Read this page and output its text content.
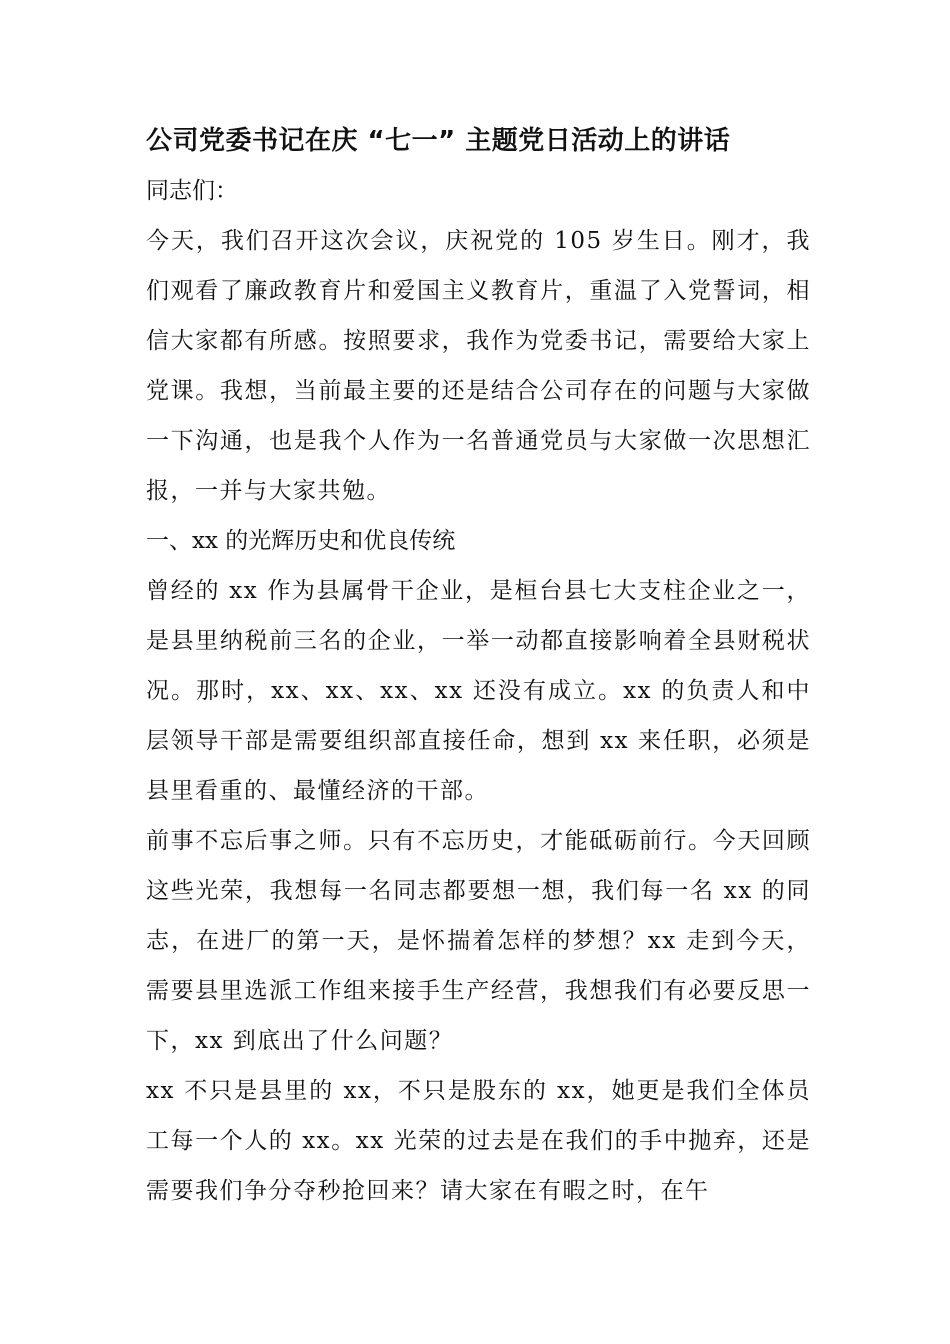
公司党委书记在庆 “七一” 主题党日活动上的讲话

同志们：

今天，我们召开这次会议，庆祝党的 105 岁生日。刚才，我们观看了廉政教育片和爱国主义教育片，重温了入党誓词，相信大家都有所感。按照要求，我作为党委书记，需要给大家上党课。我想，当前最主要的还是结合公司存在的问题与大家做一下沟通，也是我个人作为一名普通党员与大家做一次思想汇报，一并与大家共勉。

一、xx 的光辉历史和优良传统

曾经的 xx 作为县属骨干企业，是桓台县七大支柱企业之一，是县里纳税前三名的企业，一举一动都直接影响着全县财税状况。那时，xx、xx、xx、xx 还没有成立。xx 的负责人和中层领导干部是需要组织部直接任命，想到 xx 来任职，必须是县里看重的、最懂经济的干部。

前事不忘后事之师。只有不忘历史，才能砥砺前行。今天回顾这些光荣，我想每一名同志都要想一想，我们每一名 xx 的同志，在进厂的第一天，是怀揣着怎样的梦想？xx 走到今天，需要县里选派工作组来接手生产经营，我想我们有必要反思一下，xx 到底出了什么问题？

xx 不只是县里的 xx，不只是股东的 xx，她更是我们全体员工每一个人的 xx。xx 光荣的过去是在我们的手中抛弃，还是需要我们争分夺秒抢回来？请大家在有暇之时，在午
